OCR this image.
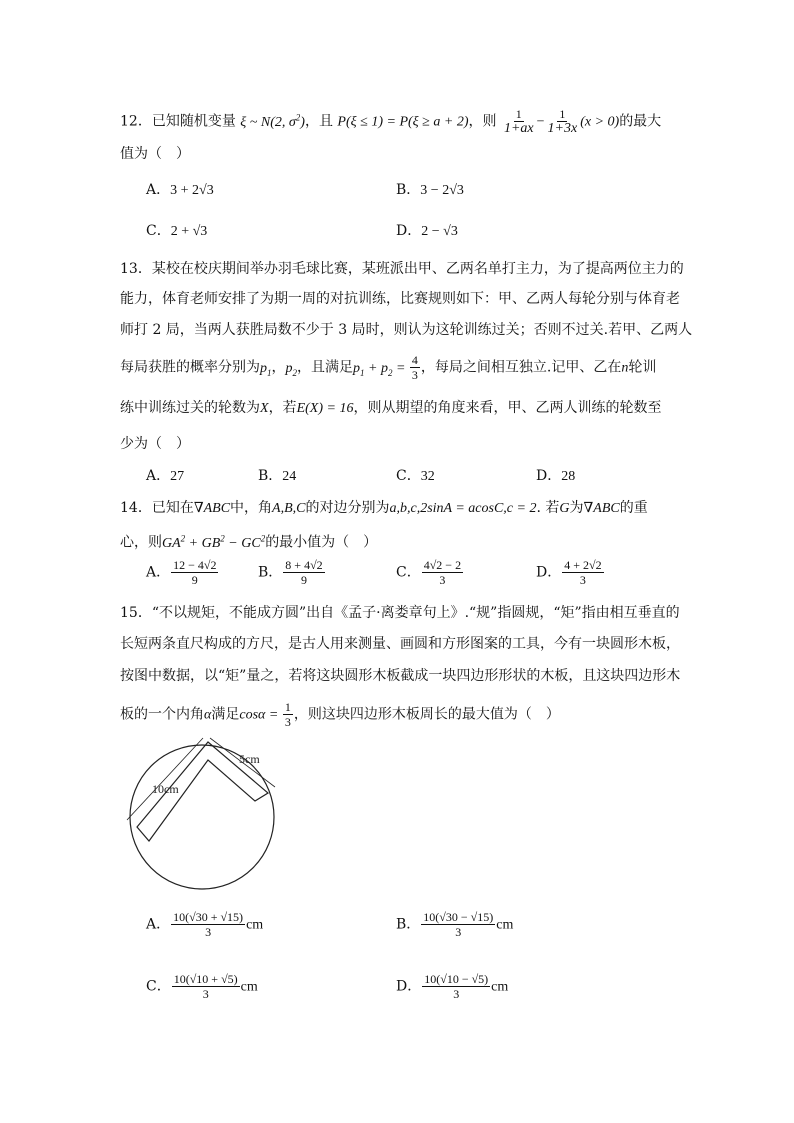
12．已知随机变量 ξ ~ N(2, $\sigma^2$)，且 P(ξ ≤ 1) = P(ξ ≥ a + 2)，则 $\frac{1}{1+ax} - \frac{1}{1+3x} (x > 0)$的最大
值为（　）
A．3 + 2√3	B．3 − 2√3
C．2 + √3	D．2 − √3
13．某校在校庆期间举办羽毛球比赛，某班派出甲、乙两名单打主力，为了提高两位主力的
能力，体育老师安排了为期一周的对抗训练，比赛规则如下：甲、乙两人每轮分别与体育老
师打 2 局，当两人获胜局数不少于 3 局时，则认为这轮训练过关；否则不过关.若甲、乙两人
每局获胜的概率分别为$p_1$，$p_2$，且满足$p_1 + p_2 = \frac{4}{3}$ ，每局之间相互独立.记甲、乙在n轮训
练中训练过关的轮数为X，若E(X) = 16，则从期望的角度来看，甲、乙两人训练的轮数至
少为（　）
A．27	B．24	C．32	D．28
14．已知在∇ABC中，角A,B,C的对边分别为a,b,c,2sinA = acosC,c = 2. 若G为∇ABC的重
心，则$GA^2 + GB^2 - GC^2$的最小值为（　）
A． $\frac{12 - 4√2}{9}$	B． $\frac{8 + 4√2}{9}$	C． $\frac{4√2 - 2}{3}$	D． $\frac{4 + 2√2}{3}$
15．“不以规矩，不能成方圆”出自《孟子·离娄章句上》.“规”指圆规，“矩”指由相互垂直的
长短两条直尺构成的方尺，是古人用来测量、画圆和方形图案的工具，今有一块圆形木板，
按图中数据，以“矩”量之，若将这块圆形木板截成一块四边形形状的木板，且这块四边形木
板的一个内角α满足$\cos\alpha = \frac{1}{3}$ ，则这块四边形木板周长的最大值为（　）
10cm
5cm
A． $\frac{10(√30 + √15)}{3}$ cm	B． $\frac{10(√30 - √15)}{3}$ cm
C． $\frac{10(√10 + √5)}{3}$ cm	D． $\frac{10(√10 - √5)}{3}$ cm
